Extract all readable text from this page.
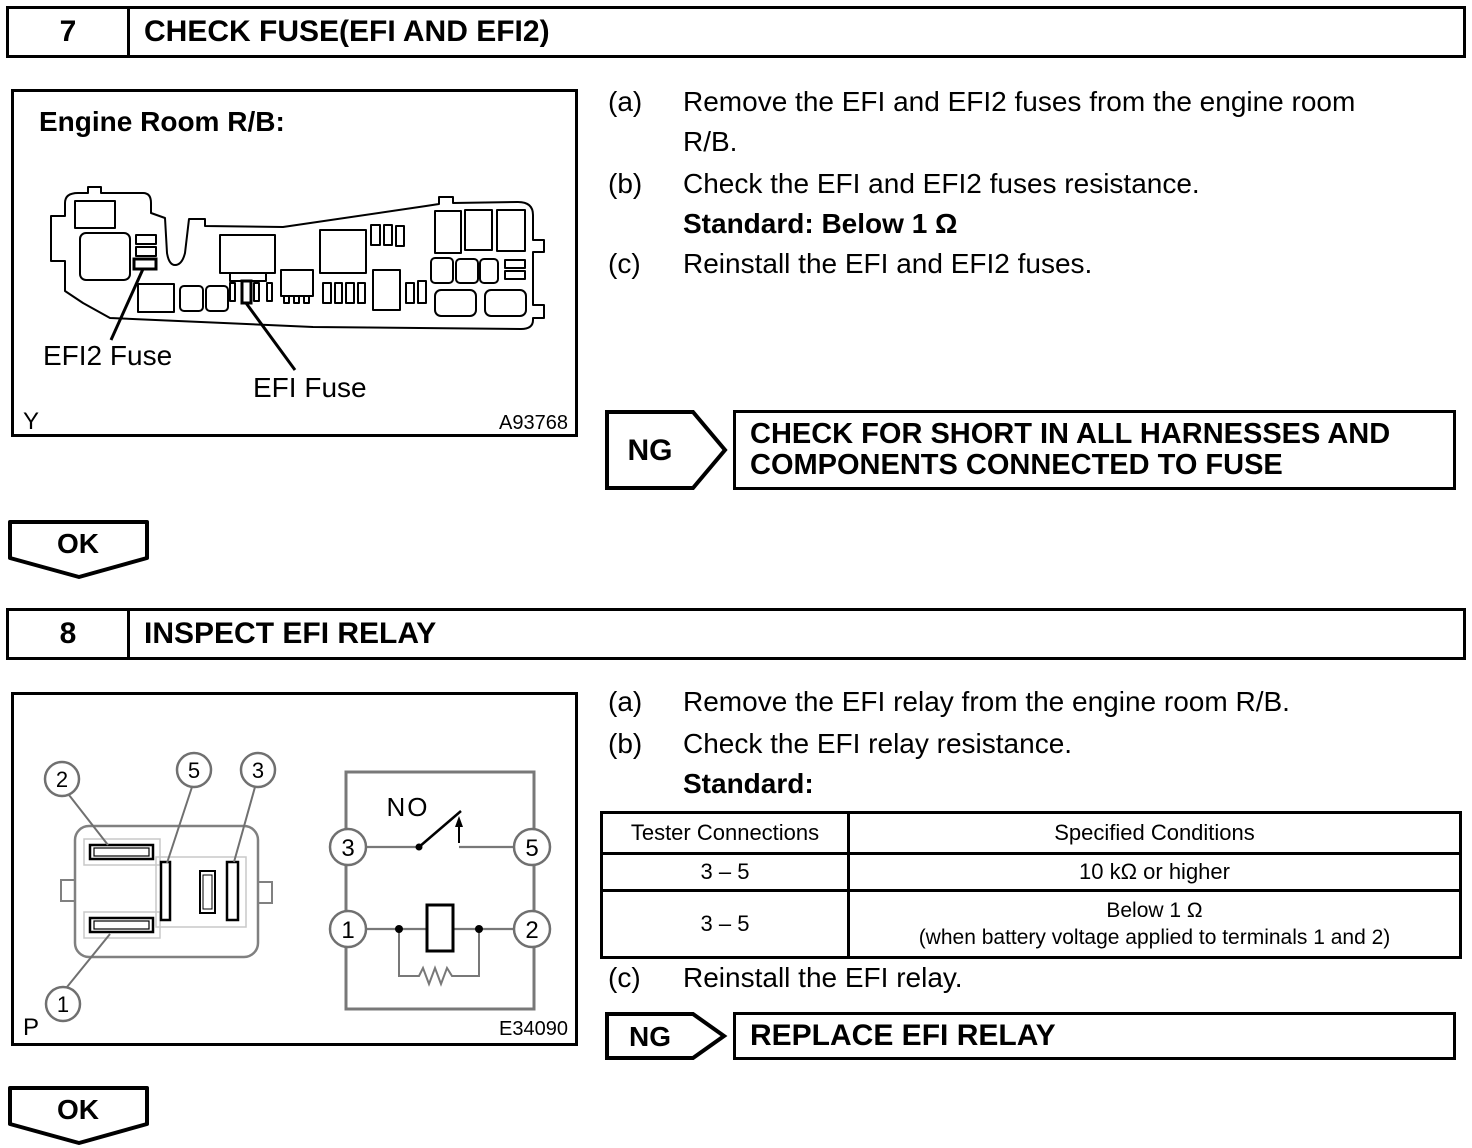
7	CHECK FUSE(EFI AND EFI2)
Engine Room R/B:
EFI2 Fuse
EFI Fuse
Y	A93768
(a) Remove the EFI and EFI2 fuses from the engine room
R/B.
(b) Check the EFI and EFI2 fuses resistance.
Standard: Below 1 Ω
(c) Reinstall the EFI and EFI2 fuses.
NG	CHECK FOR SHORT IN ALL HARNESSES AND
COMPONENTS CONNECTED TO FUSE
OK
8	INSPECT EFI RELAY
2	5 3
1
3	5
1	2
NO
P	E34090
(a) Remove the EFI relay from the engine room R/B.
(b) Check the EFI relay resistance.
Standard:
Tester Connections	Specified Conditions
3 – 5	10 kΩ or higher
3 – 5	Below 1 Ω
(when battery voltage applied to terminals 1 and 2)
(c) Reinstall the EFI relay.
NG	REPLACE EFI RELAY
OK
